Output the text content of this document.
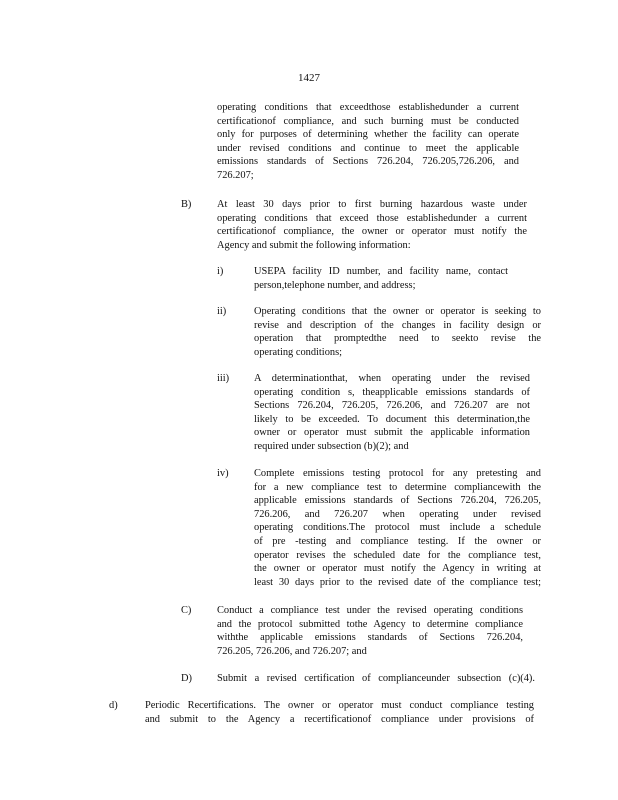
1427
operating conditions that exceedthose establishedunder a current
certificationof compliance, and such burning must be conducted
only for purposes of determining whether the facility can operate
under revised conditions and continue to meet the applicable
emissions standards of Sections 726.204, 726.205,726.206, and
726.207;
B) At least 30 days prior to first burning hazardous waste under
operating conditions that exceed those establishedunder a current
certificationof compliance, the owner or operator must notify the
Agency and submit the following information:
i)	USEPA facility ID number, and facility name, contact
person,telephone number, and address;
ii)	Operating conditions that the owner or operator is seeking to
revise and description of the changes in facility design or
operation that promptedthe need to seekto revise the
operating conditions;
iii) A determinationthat, when operating under the revised
operating condition s, theapplicable emissions standards of
Sections 726.204, 726.205, 726.206, and 726.207 are not
likely to be exceeded. To document this determination,the
owner or operator must submit the applicable information
required under subsection (b)(2); and
iv) Complete emissions testing protocol for any pretesting and
for a new compliance test to determine compliancewith the
applicable emissions standards of Sections 726.204, 726.205,
726.206, and 726.207 when operating under revised
operating conditions.The protocol must include a schedule
of pre -testing and compliance testing. If the owner or
operator revises the scheduled date for the compliance test,
the owner or operator must notify the Agency in writing at
least 30 days prior to the revised date of the compliance test;
C) Conduct a compliance test under the revised operating conditions
and the protocol submitted tothe Agency to determine compliance
withthe applicable emissions standards of Sections 726.204,
726.205, 726.206, and 726.207; and
D) Submit a revised certification of complianceunder subsection (c)(4).
d)	Periodic Recertifications. The owner or operator must conduct compliance testing
and submit to the Agency a recertificationof compliance under provisions of
